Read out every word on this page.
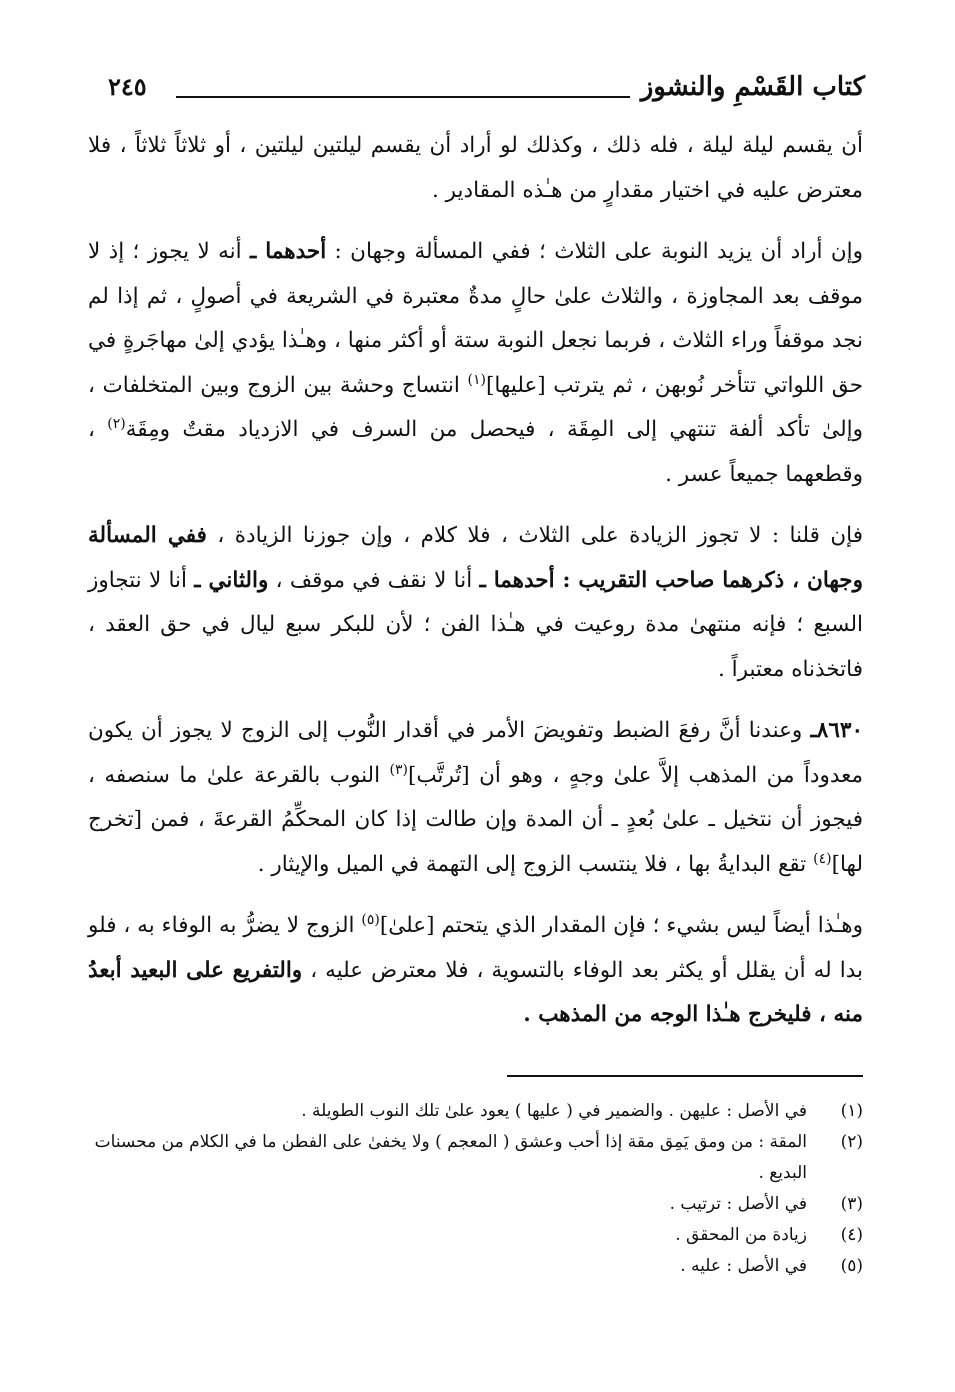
كتاب القَسْمِ والنشوز
٢٤٥

أن يقسم ليلة ليلة ، فله ذلك ، وكذلك لو أراد أن يقسم ليلتين ليلتين ، أو ثلاثاً ثلاثاً ، فلا معترض عليه في اختيار مقدارٍ من هـٰذه المقادير .

وإن أراد أن يزيد النوبة على الثلاث ؛ ففي المسألة وجهان : أحدهما ـ أنه لا يجوز ؛ إذ لا موقف بعد المجاوزة ، والثلاث علىٰ حالٍ مدةٌ معتبرة في الشريعة في أصولٍ ، ثم إذا لم نجد موقفاً وراء الثلاث ، فربما نجعل النوبة ستة أو أكثر منها ، وهـٰذا يؤدي إلىٰ مهاجَرةٍ في حق اللواتي تتأخر نُوبهن ، ثم يترتب [عليها]$^{(١)}$ انتساج وحشة بين الزوج وبين المتخلفات ، وإلىٰ تأكد ألفة تنتهي إلى المِقَة ، فيحصل من السرف في الازدياد مقتٌ ومِقَة$^{(٢)}$ ، وقطعهما جميعاً عسر .

فإن قلنا : لا تجوز الزيادة على الثلاث ، فلا كلام ، وإن جوزنا الزيادة ، ففي المسألة وجهان ، ذكرهما صاحب التقريب : أحدهما ـ أنا لا نقف في موقف ، والثاني ـ أنا لا نتجاوز السبع ؛ فإنه منتهىٰ مدة روعيت في هـٰذا الفن ؛ لأن للبكر سبع ليال في حق العقد ، فاتخذناه معتبراً .

٨٦٣٠ـ وعندنا أنَّ رفعَ الضبط وتفويضَ الأمر في أقدار النُّوب إلى الزوج لا يجوز أن يكون معدوداً من المذهب إلاَّ علىٰ وجهٍ ، وهو أن [تُرتَّب]$^{(٣)}$ النوب بالقرعة علىٰ ما سنصفه ، فيجوز أن نتخيل ـ علىٰ بُعدٍ ـ أن المدة وإن طالت إذا كان المحكِّمُ القرعةَ ، فمن [تخرج لها]$^{(٤)}$ تقع البدايةُ بها ، فلا ينتسب الزوج إلى التهمة في الميل والإيثار .

وهـٰذا أيضاً ليس بشيء ؛ فإن المقدار الذي يتحتم [علىٰ]$^{(٥)}$ الزوج لا يضرُّ به الوفاء به ، فلو بدا له أن يقلل أو يكثر بعد الوفاء بالتسوية ، فلا معترض عليه ، والتفريع على البعيد أبعدُ منه ، فليخرج هـٰذا الوجه من المذهب .

(١)
في الأصل : عليهن . والضمير في ( عليها ) يعود علىٰ تلك النوب الطويلة .

(٢)
المقة : من ومق يَمِق مقة إذا أحب وعشق ( المعجم ) ولا يخفىٰ على الفطن ما في الكلام من محسنات البديع .

(٣)
في الأصل : ترتيب .

(٤)
زيادة من المحقق .

(٥)
في الأصل : عليه .
